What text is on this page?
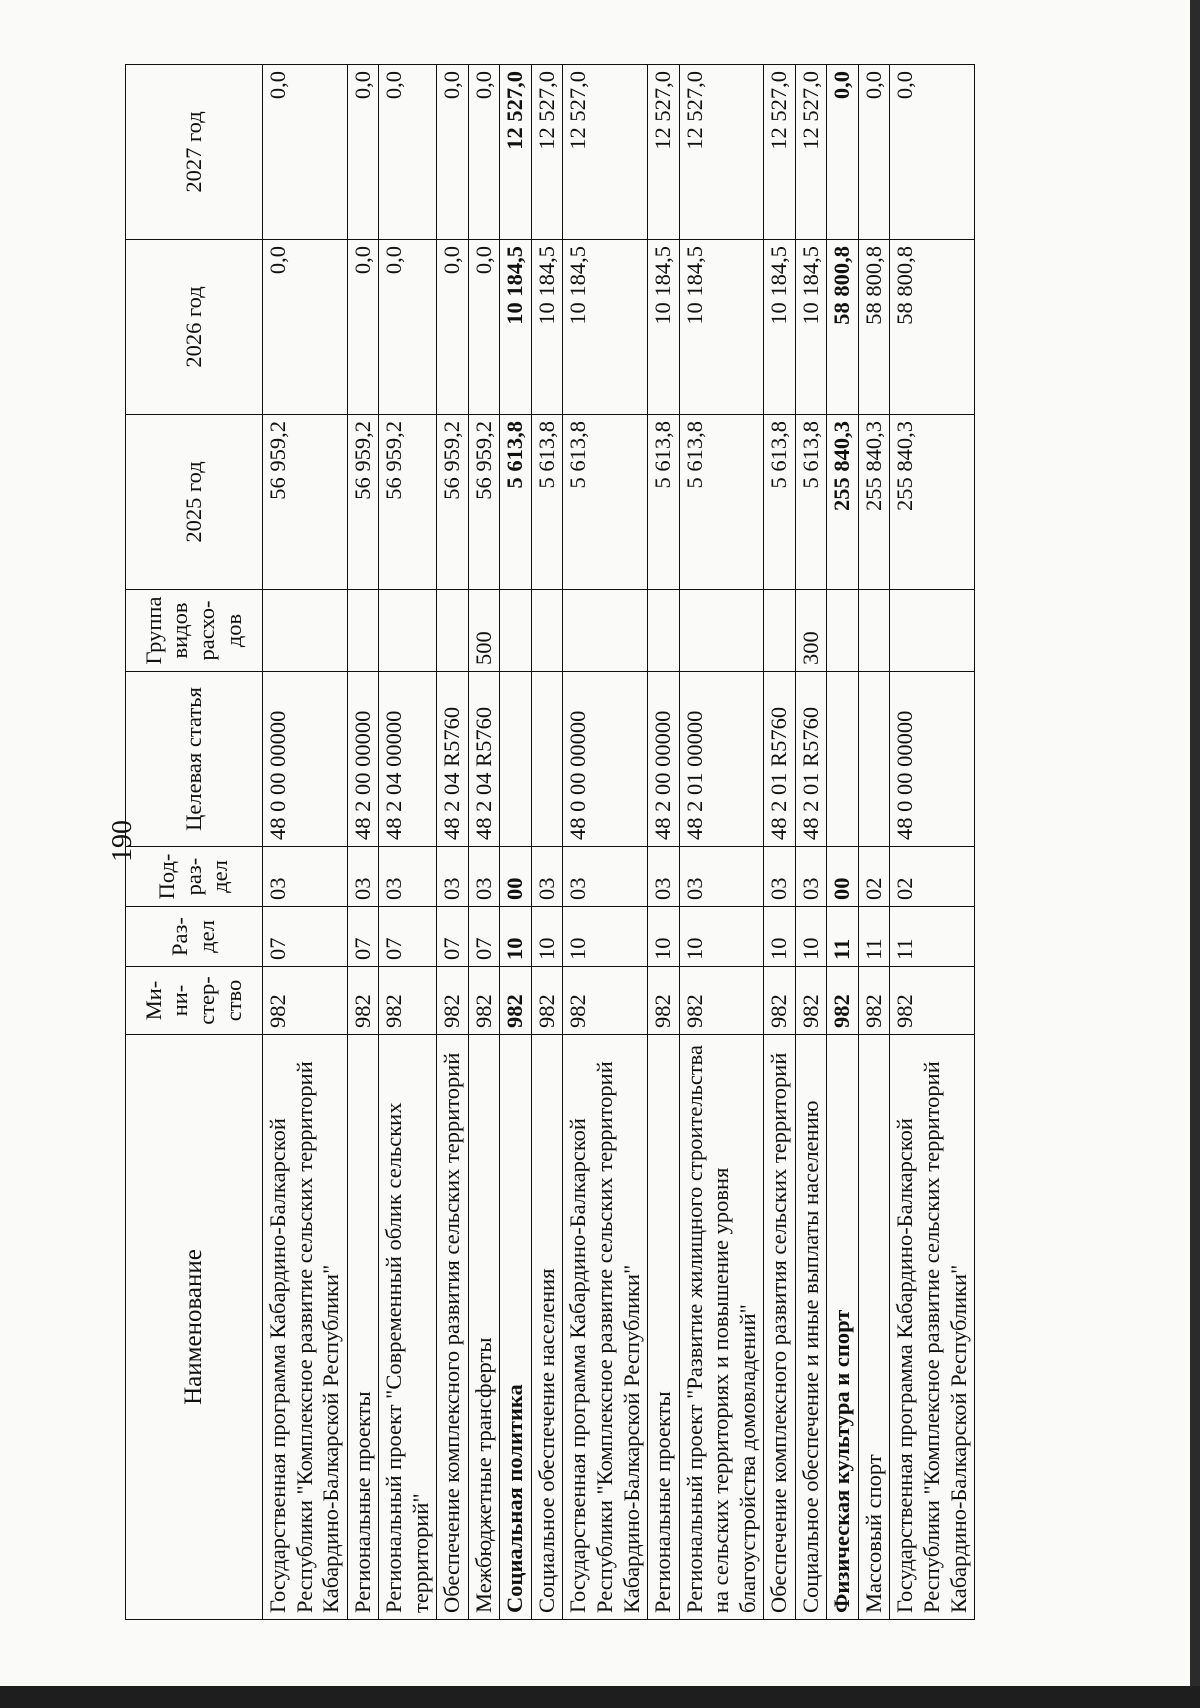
190
Наименование	Ми-ни-стер-ство	Раз-дел	Под-раз-дел	Целевая статья	Группа видов расхо-дов	2025 год	2026 год	2027 год
Государственная программа Кабардино-Балкарской Республики "Комплексное развитие сельских территорий Кабардино-Балкарской Республики"	982	07	03	48 0 00 00000		56 959,2	0,0	0,0
Региональные проекты	982	07	03	48 2 00 00000		56 959,2	0,0	0,0
Региональный проект "Современный облик сельских территорий"	982	07	03	48 2 04 00000		56 959,2	0,0	0,0
Обеспечение комплексного развития сельских территорий	982	07	03	48 2 04 R5760		56 959,2	0,0	0,0
Межбюджетные трансферты	982	07	03	48 2 04 R5760	500	56 959,2	0,0	0,0
Социальная политика	982	10	00			5 613,8	10 184,5	12 527,0
Социальное обеспечение населения	982	10	03			5 613,8	10 184,5	12 527,0
Государственная программа Кабардино-Балкарской Республики "Комплексное развитие сельских территорий Кабардино-Балкарской Республики"	982	10	03	48 0 00 00000		5 613,8	10 184,5	12 527,0
Региональные проекты	982	10	03	48 2 00 00000		5 613,8	10 184,5	12 527,0
Региональный проект "Развитие жилищного строительства на сельских территориях и повышение уровня благоустройства домовладений"	982	10	03	48 2 01 00000		5 613,8	10 184,5	12 527,0
Обеспечение комплексного развития сельских территорий	982	10	03	48 2 01 R5760		5 613,8	10 184,5	12 527,0
Социальное обеспечение и иные выплаты населению	982	10	03	48 2 01 R5760	300	5 613,8	10 184,5	12 527,0
Физическая культура и спорт	982	11	00			255 840,3	58 800,8	0,0
Массовый спорт	982	11	02			255 840,3	58 800,8	0,0
Государственная программа Кабардино-Балкарской Республики "Комплексное развитие сельских территорий Кабардино-Балкарской Республики"	982	11	02	48 0 00 00000		255 840,3	58 800,8	0,0
